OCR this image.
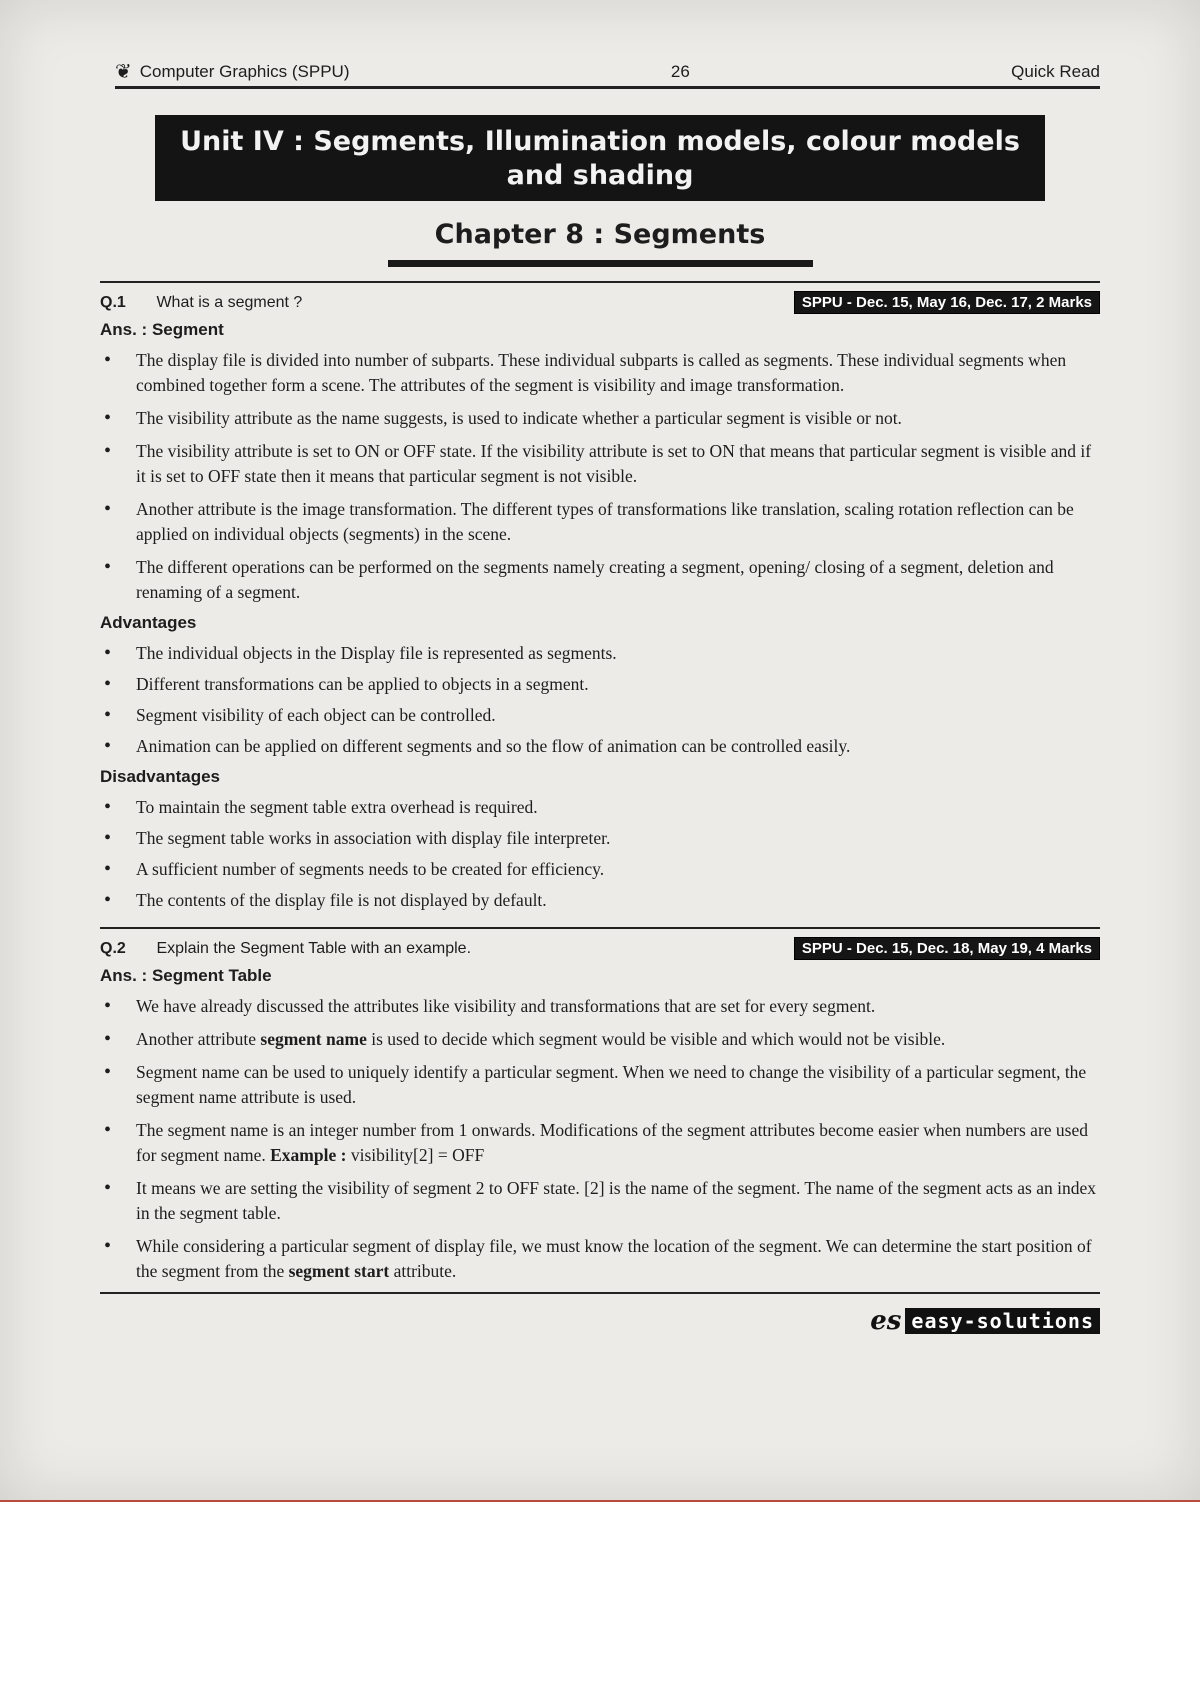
❦ Computer Graphics (SPPU)	26	Quick Read
Unit IV : Segments, Illumination models, colour models
and shading
Chapter 8 : Segments
Q.1 What is a segment ?	SPPU - Dec. 15, May 16, Dec. 17, 2 Marks
Ans. : Segment
• The display file is divided into number of subparts. These individual subparts is called as segments. These individual segments when combined together form a scene. The attributes of the segment is visibility and image transformation.
• The visibility attribute as the name suggests, is used to indicate whether a particular segment is visible or not.
• The visibility attribute is set to ON or OFF state. If the visibility attribute is set to ON that means that particular segment is visible and if it is set to OFF state then it means that particular segment is not visible.
• Another attribute is the image transformation. The different types of transformations like translation, scaling rotation reflection can be applied on individual objects (segments) in the scene.
• The different operations can be performed on the segments namely creating a segment, opening/ closing of a segment, deletion and renaming of a segment.
Advantages
• The individual objects in the Display file is represented as segments.
• Different transformations can be applied to objects in a segment.
• Segment visibility of each object can be controlled.
• Animation can be applied on different segments and so the flow of animation can be controlled easily.
Disadvantages
• To maintain the segment table extra overhead is required.
• The segment table works in association with display file interpreter.
• A sufficient number of segments needs to be created for efficiency.
• The contents of the display file is not displayed by default.
Q.2 Explain the Segment Table with an example.	SPPU - Dec. 15, Dec. 18, May 19, 4 Marks
Ans. : Segment Table
• We have already discussed the attributes like visibility and transformations that are set for every segment.
• Another attribute segment name is used to decide which segment would be visible and which would not be visible.
• Segment name can be used to uniquely identify a particular segment. When we need to change the visibility of a particular segment, the segment name attribute is used.
• The segment name is an integer number from 1 onwards. Modifications of the segment attributes become easier when numbers are used for segment name. Example : visibility[2] = OFF
• It means we are setting the visibility of segment 2 to OFF state. [2] is the name of the segment. The name of the segment acts as an index in the segment table.
• While considering a particular segment of display file, we must know the location of the segment. We can determine the start position of the segment from the segment start attribute.
es easy-solutions
